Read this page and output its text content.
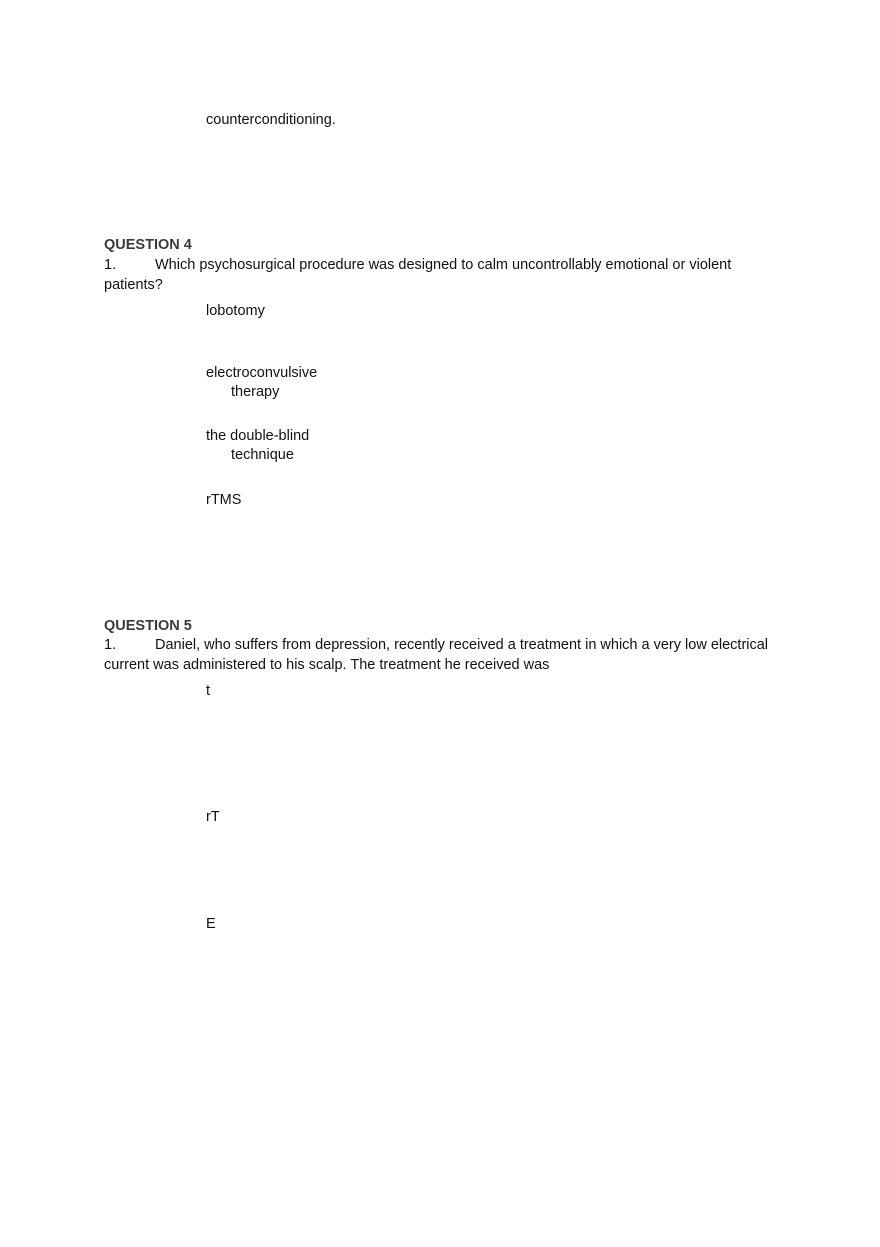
counterconditioning.
QUESTION 4
1.	Which psychosurgical procedure was designed to calm uncontrollably emotional or violent
patients?
lobotomy
electroconvulsive
therapy
the double-blind
technique
rTMS
QUESTION 5
1.	Daniel, who suffers from depression, recently received a treatment in which a very low electrical
current was administered to his scalp. The treatment he received was
t
rT
E
